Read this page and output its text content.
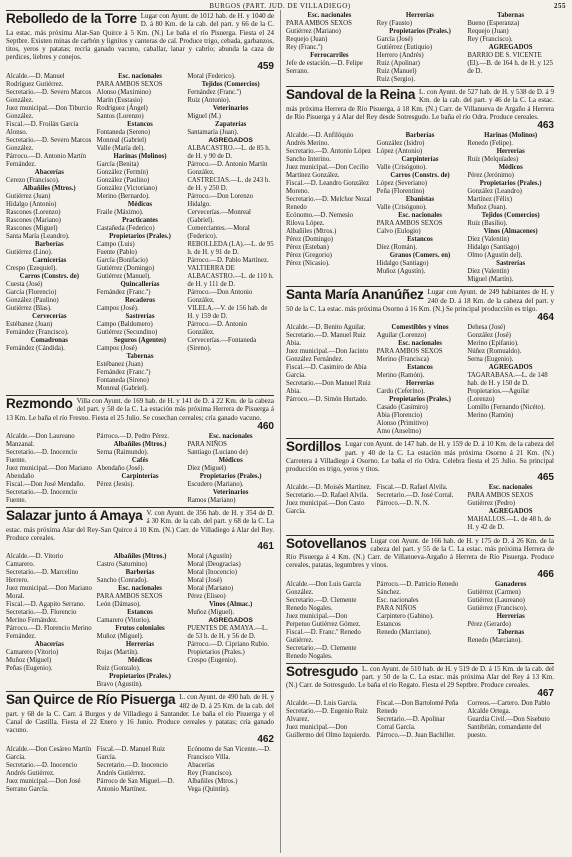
BURGOS (PART. JUD. DE VILLADIEGO)	255
Rebolledo de la Torre Lugar con Ayunt. de 1012 hab. de H. y 1040 de D. á 80 Km. de la cab. del part. y 66 de la C. La estac. más próxima Alar-San Quirce á 5 Km. (N.) Le baña el río Pisuerga. Fiesta el 24 Septbre. Existen minas de carbón y lignitos y canteras de cal. Produce trigo, cebada, garbanzos, titos, yeros y patatas; recría ganado vacuno, caballar, lanar y cabrío; abunda la caza de perdices, liebres y conejos.
459
Alcalde.—D. Manuel Rodríguez Gutiérrez.
Secretario.—D. Severo Marcos González.
Juez municipal.—Don Tiburcio González.
Fiscal.—D. Froilán García Alonso.
Secretario.—D. Severo Marcos González.
Párroco.—D. Antonio Martín Fernández.
Abacerías
Cerezo (Francisco).
Albañiles (Mtros.)
Gutiérrez (Juan)
Hidalgo (Antonio)
Rascones (Lorenzo)
Rascones (Mariano)
Rascones (Miguel)
Santa María (Leandro).
Barberías
Gutiérrez (Lino).
Carnicerías
Crespo (Ezequiel).
Carros (Constrs. de)
Cuesta (José)
García (Florencio)
González (Paulino)
Gutiérrez (Blas).
Cervecerías
Estébanez (Juan)
Fernández (Francisco).
Comadronas
Fernández (Cándida).
Esc. nacionales
PARA AMBOS SEXOS
Alonso (Maximino)
Marín (Eustasio)
Rodríguez (Ángel)
Santos (Lorenzo)
Estancos
Fontaneda (Sereno)
Monreal (Gabriel)
Valle (María del).
Harinas (Molinos)
García (Benita)
González (Fermín)
González (Paulino)
González (Victoriano)
Merino (Bernardo).
Médicos
Fraile (Máximo).
Practicantes
Castañeda (Federico)
Propietarios (Prales.)
Campo (Luis)
Fuente (Pablo)
García (Bonifacio)
Gutiérrez (Domingo)
Gutiérrez (Manuel).
Quincallerías
Fernández (Franc.º)
Recaderos
Campos (José).
Sastrerías
Campo (Baldomero)
Gutiérrez (Secundino)
Seguros (Agentes)
Campos (José)
Tabernas
Estébanez (Juan)
Fernández (Franc.º)
Fontaneda (Sireno)
Monreal (Gabriel).
Moral (Federico).
Tejidos (Comercios)
Fernández (Franc.º)
Ruiz (Antonio).
Veterinarios
Miguel (M.)
Zapaterías
Santamaría (Juan).
AGREGADOS
ALBACASTRO.—L. de 85 h. de H. y 90 de D.
Párroco.—D. Antonio Martín González.
CASTRECIAS.—L. de 243 h. de H. y 250 D.
Párroco.—Don Lorenzo Hidalgo.
Cervecerías.—Monreal (Gabriel).
Comerciantes.—Moral (Federico).
REBOLLEDA (LA).—L. de 95 h. de H. y 91 de D.
Párroco.—D. Pablo Martínez.
VALTIERRA DE ALBACASTRO.—L. de 110 h. de H. y 111 de D.
Párroco.—Don Antonio González.
VILELA.—V. de 156 hab. de H. y 159 de D.
Párroco.—D. Antonio González.
Cervecerías.—Fontaneda (Sireno).
Rezmondo Villa con Ayunt. de 169 hab. de H. y 141 de D. á 22 Km. de la cabeza del part. y 58 de la C. La estación más próxima Herrera de Pisuerga á 13 Km. Le baña el río Fresno. Fiesta el 25 Julio. Se cosechan cereales; cría ganado vacuno.
460
Alcalde.—Don Laureano Manzanal.
Secretario.—D. Inocencio Fuente.
Juez municipal.—Don Mariano Abendaño
Fiscal.—Don José Mendaño.
Secretario.—D. Inocencio Fuente.
Párroco.—D. Pedro Pérez.
Albañiles (Mtros.)
Serna (Raimundo).
Cafés
Abendaño (José).
Carpinterías
Pérez (Jesús).
Esc. nacionales
PARA NIÑOS
Santiago (Luciano de)
Médicos
Díez (Miguel)
Propietarios (Prales.)
Escudero (Mariano).
Veterinarios
Ramos (Mariano)
Salazar junto á Amaya V. con Ayunt. de 356 hab. de H. y 354 de D. á 30 Km. de la cab. del part. y 68 de la C. La estac. más próxima Alar del Rey-San Quirce á 10 Km. (N.) Carr. de Villadiego á Alar del Rey. Produce cereales.
461
Alcalde.—D. Vitorio Camarero.
Secretario.—D. Marcelino Herrero.
Juez municipal.—Don Mariano Moral.
Fiscal.—D. Agapito Serrano.
Secretario.—D. Florencio Merino Fernández.
Párroco.—D. Florencio Merino Fernández.
Abacerías
Camarero (Vitorio)
Muñoz (Miguel)
Peñas (Eugenio).
Albañiles (Mtros.)
Castro (Saturnino)
Barberías
Sancho (Conrado).
Esc. nacionales
PARA AMBOS SEXOS
León (Dámaso).
Estancos
Camarero (Vitorio).
Frutos coloniales
Muñoz (Miguel).
Herrerías
Rujas (Martín).
Médicos
Ruiz (Gonzalo).
Propietarios (Prales.)
Bravo (Agustín).
Moral (Agustín)
Moral (Deogracias)
Moral (Inocencio)
Moral (José)
Moral (Mariano)
Pérez (Eliseo)
Vinos (Almac.)
Muñoz (Miguel).
AGREGADOS
PUENTES DE AMAYA.—L. de 53 h. de H. y 56 de D.
Párroco.—D. Cipriano Rubio.
Propietarios (Prales.)
Crespo (Eugenio).
San Quirce de Río Pisuerga L. con Ayunt. de 490 hab. de H. y 482 de D. á 25 Km. de la cab. del part. y 68 de la C. Carr. á Burgos y de Villadiego á Santander. Le baña el río Pisuerga y el Canal de Castilla. Fiesta el 22 Enero y 16 Junio. Produce cereales y patatas; cría ganado vacuno.
462
Alcalde.—Don Cesáreo Martín García.
Secretario.—D. Inocencio Andrés Gutiérrez.
Juez municipal.—Don José Serrano García.
Fiscal.—D. Manuel Ruiz García.
Secretario.—D. Inocencio Andrés Gutiérrez.
Párroco de San Miguel.—D. Antonio Martínez.
Ecónomo de San Vicente.—D. Francisco Villa.
Abacerías
Rey (Francisco).
Albañiles (Mtros.)
Vega (Quintín).
Esc. nacionales
PARA AMBOS SEXOS
Gutiérrez (Mariano)
Requejo (Juan)
Rey (Franc.º)
Ferrocarriles
Jefe de estación.—D. Felipe Serrano.
Herrerías
Rey (Fausto)
Propietarios (Prales.)
García (José)
Gutiérrez (Eutiquio)
Herrero (Andrés)
Ruiz (Apolinar)
Ruiz (Manuel)
Ruiz (Sergio).
Tabernas
Bueno (Esperanza)
Requejo (Juan)
Rey (Francisco).
AGREGADOS
BARRIO DE S. VICENTE (El).—B. de 164 h. de H. y 125 de D.
Sandoval de la Reina L. con Ayunt. de 527 hab. de H. y 538 de D. á 9 Km. de la cab. del part. y 46 de la C. La estac. más próxima Herrera de Río Pisuerga, á 18 Km. (N.) Carr. de Villanueva de Argaño á Herrera de Río Pisuerga y á Alar del Rey desde Sotresgudo. Le baña el río Odra. Produce cereales.
463
Alcalde.—D. Anfilóquio Andrés Merino.
Secretario.—D. Antonio López Sancho Interino.
Juez municipal.—Don Cecilio Martínez González.
Fiscal.—D. Leandro González Moreno.
Secretario.—D. Melchor Nozal Renedo
Ecónomo.—D. Nemesio Rilova López.
Albañiles (Mtros.)
Pérez (Domingo)
Pérez (Esteban)
Pérez (Gregorio)
Pérez (Nicasio).
Barberías
González (Isidro)
López (Antonio)
Carpinterías
Valle (Crisógono).
Carros (Constrs. de)
López (Severiano)
Peña (Florentino)
Ebanistas
Valle (Crisógono).
Esc. nacionales
PARA AMBOS SEXOS
Calvo (Eulogio)
Estancos
Díez (Román).
Granos (Comers. en)
Hidalgo (Santiago)
Muñoz (Agustín).
Harinas (Molinos)
Renedo (Felipe).
Herrerías
Ruiz (Melquíades)
Médicos
Pérez (Jerónimo)
Propietarios (Prales.)
González (Leandro)
Martínez (Félix)
Muñoz (Juan).
Tejidos (Comercios)
Ruiz (Basilio).
Vinos (Almacenes)
Díez (Valentín)
Hidalgo (Santiago)
Olmo (Agustín del).
Sastrerías
Díez (Valentín)
Miguel (Martín).
Santa María Ananúñez Lugar con Ayunt. de 249 habitantes de H. y 240 de D. á 18 Km. de la cabeza del part. y 50 de la C. La estac. más próxima Osorno á 16 Km. (N.) Se principal producción es trigo.
464
Alcalde.—D. Benito Aguilar.
Secretario.—D. Manuel Ruiz Abia.
Juez municipal.—Don Jacinto González Fernández.
Fiscal.—D. Casimiro de Abia García.
Secretario.—Don Manuel Ruiz Abia.
Párroco.—D. Simón Hurtado.
Comestibles y vinos
Aguilar (Lorenzo)
Esc. nacionales
PARA AMBOS SEXOS
Merino (Francisca)
Estancos
Merino (Ramón).
Herrerías
Cardo (Ceferino).
Propietarios (Prales.)
Casado (Casimiro)
Abia (Florencio)
Alonso (Primitivo)
Amo (Anselmo)
Dehesa (José)
González (José)
Merino (Epifanio).
Núñez (Romualdo).
Serna (Eugenio).
AGREGADOS
TAGARABASA.—L. de 148 hab. de H. y 150 de D.
Propietarios.—Aguilar (Lorenzo)
Lomillo (Fernando (Nicéto).
Merino (Ramón)
Sordillos Lugar con Ayunt. de 147 hab. de H. y 159 de D. á 10 Km. de la cabeza del part. y 40 de la C. La estación más próxima Osorno á 21 Km. (N.) Carretera á Villadiego á Osorno. Le baña el río Odra. Celebra fiesta el 25 Julio. Su principal producción es trigo, yeros y titos.
465
Alcalde.—D. Moisés Martínez.
Secretario.—D. Rafael Alvila.
Juez municipal.—Don Casto García.
Fiscal.—D. Rafael Alvila.
Secretario.—D. José Corral.
Párroco.—D. N. N.
Esc. nacionales
PARA AMBOS SEXOS
Gutiérrez (Pedro)
AGREGADOS
MAHALLOS.—L. de 48 h. de H. y 42 de D.
Sotovellanos Lugar con Ayunt. de 166 hab. de H. y 175 de D. á 26 Km. de la cabeza del part. y 55 de la C. La estac. más próxima Herrera de Río Pisuerga á 4 Km. (N.) Carr. de Villanueva-Argaño á Herrera de Río Pisuerga. Produce cereales, patatas, legumbres y vinos.
466
Alcalde.—Don Luis García González.
Secretario.—D. Clemente Renedo Nogales.
Juez municipal.—Don Perpetuo Gutiérrez Gómez.
Fiscal.—D. Franc.º Renedo Gutiérrez.
Secretario.—D. Clemente Renedo Nogales.
Párroco.—D. Patricio Renedo Sánchez.
Esc. nacionales
PARA NIÑOS
Carpintero (Gabino).
Estancos
Renedo (Marciano).
Ganaderos
Gutiérrez (Carmen)
Gutiérrez (Laureano)
Gutiérrez (Francisco).
Herrerías
Pérez (Gerardo)
Tabernas
Renedo (Marciano).
Sotresgudo L. con Ayunt. de 510 hab. de H. y 519 de D. á 15 Km. de la cab. del part. y 50 de la C. La estac. más próxima Alar del Rey á 13 Km. (N.) Carr. de Sotresgudo. Le baña el río Regato. Fiesta el 29 Septbre. Produce cereales.
467
Alcalde.—D. Luis García.
Secretario.—D. Eugenio Ruiz Alvarez.
Juez municipal.—Don Guillermo del Olmo Izquierdo.
Fiscal.—Don Bartolomé Peña Renedo
Secretario.—D. Apolinar Corral García.
Párroco.—D. Juan Bachiller.
Correos.—Cartero. Don Pablo Alcalde Ortega.
Guardia Civil.—Don Sisebuto Santibrián, comandante del puesto.
